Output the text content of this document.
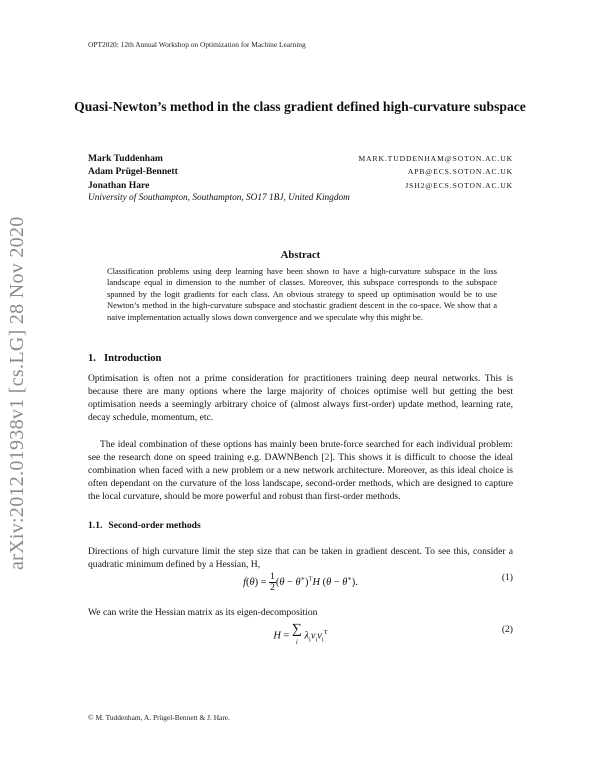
OPT2020: 12th Annual Workshop on Optimization for Machine Learning
Quasi-Newton’s method in the class gradient defined high-curvature subspace
Mark Tuddenham	MARK.TUDDENHAM@SOTON.AC.UK
Adam Prügel-Bennett	APB@ECS.SOTON.AC.UK
Jonathan Hare	JSH2@ECS.SOTON.AC.UK
University of Southampton, Southampton, SO17 1BJ, United Kingdom
arXiv:2012.01938v1 [cs.LG] 28 Nov 2020	Abstract

Classification problems using deep learning have been shown to have a high-curvature subspace in the loss landscape equal in dimension to the number of classes. Moreover, this subspace corresponds to the subspace spanned by the logit gradients for each class. An obvious strategy to speed up optimisation would be to use Newton’s method in the high-curvature subspace and stochastic gradient descent in the co-space. We show that a naive implementation actually slows down convergence and we speculate why this might be.

1. Introduction

Optimisation is often not a prime consideration for practitioners training deep neural networks. This is because there are many options where the large majority of choices optimise well but getting the best optimisation needs a seemingly arbitrary choice of (almost always first-order) update method, learning rate, decay schedule, momentum, etc.

The ideal combination of these options has mainly been brute-force searched for each individual problem: see the research done on speed training e.g. DAWNBench [2]. This shows it is difficult to choose the ideal combination when faced with a new problem or a new network architecture. Moreover, as this ideal choice is often dependant on the curvature of the loss landscape, second-order methods, which are designed to capture the local curvature, should be more powerful and robust than first-order methods.

1.1. Second-order methods

Directions of high curvature limit the step size that can be taken in gradient descent. To see this, consider a quadratic minimum defined by a Hessian, H,

$f(\theta) = \frac{1}{2} (\theta - \theta^∗)^TH$ (θ − θ∗).	(1)

We can write the Hessian matrix as its eigen-decomposition

H = ∑
i
$\lambda_iv_iv_i^T$	(2)
© M. Tuddenham, A. Prügel-Bennett & J. Hare.
